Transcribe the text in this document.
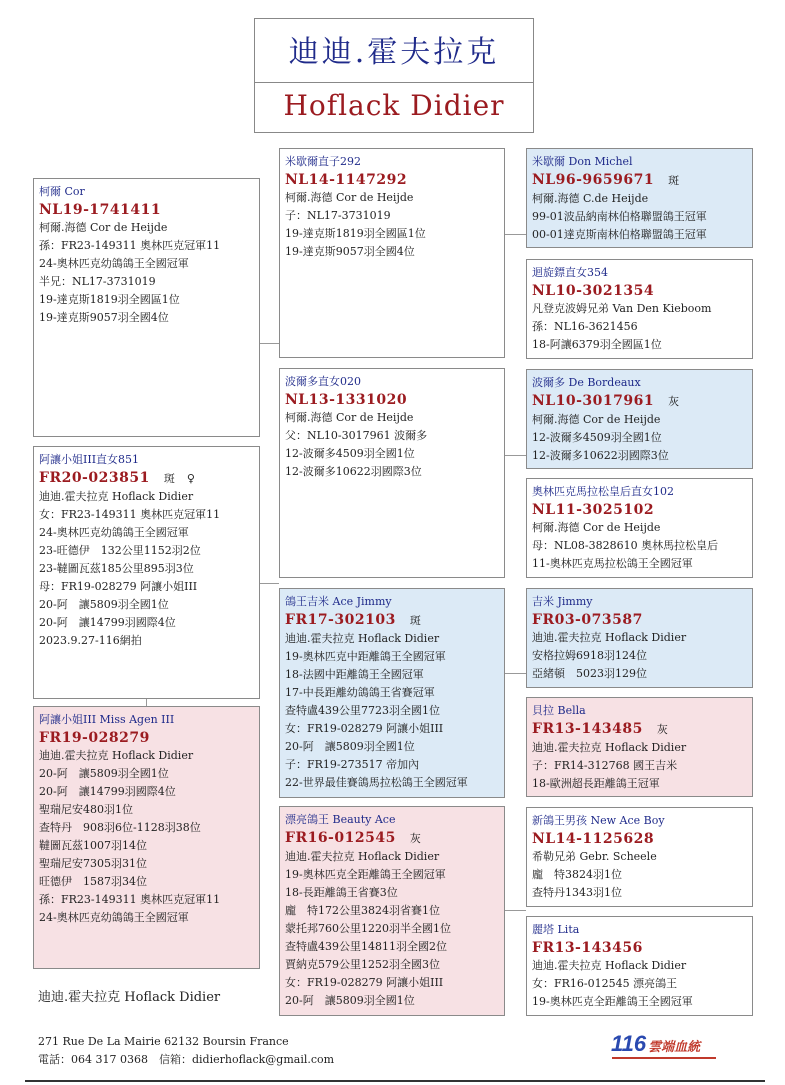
迪迪.霍夫拉克
Hoflack Didier
柯爾 Cor
NL19-1741411
柯爾.海德 Cor de Heijde
孫：FR23-149311 奧林匹克冠軍11
24-奧林匹克幼鴿鴿王全國冠軍
半兄：NL17-3731019
19-達克斯1819羽全國區1位
19-達克斯9057羽全國4位
阿讓小姐III直女851
FR20-023851 斑　♀
迪迪.霍夫拉克 Hoflack Didier
女：FR23-149311 奧林匹克冠軍11
24-奧林匹克幼鴿鴿王全國冠軍
23-旺德伊　132公里1152羽2位
23-韃圖瓦茲185公里895羽3位
母：FR19-028279 阿讓小姐III
20-阿　讓5809羽全國1位
20-阿　讓14799羽國際4位
2023.9.27-116網拍
阿讓小姐III Miss Agen III
FR19-028279
迪迪.霍夫拉克 Hoflack Didier
20-阿　讓5809羽全國1位
20-阿　讓14799羽國際4位
聖瑞尼安480羽1位
查特丹　908羽6位-1128羽38位
韃圖瓦茲1007羽14位
聖瑞尼安7305羽31位
旺德伊　1587羽34位
孫：FR23-149311 奧林匹克冠軍11
24-奧林匹克幼鴿鴿王全國冠軍
米歇爾直子292
NL14-1147292
柯爾.海德 Cor de Heijde
子：NL17-3731019
19-達克斯1819羽全國區1位
19-達克斯9057羽全國4位
波爾多直女020
NL13-1331020
柯爾.海德 Cor de Heijde
父：NL10-3017961 波爾多
12-波爾多4509羽全國1位
12-波爾多10622羽國際3位
鴿王吉米 Ace Jimmy
FR17-302103 斑
迪迪.霍夫拉克 Hoflack Didier
19-奧林匹克中距離鴿王全國冠軍
18-法國中距離鴿王全國冠軍
17-中長距離幼鴿鴿王省賽冠軍
查特盧439公里7723羽全國1位
女：FR19-028279 阿讓小姐III
20-阿　讓5809羽全國1位
子：FR19-273517 帝加內
22-世界最佳賽鴿馬拉松鴿王全國冠軍
漂亮鴿王 Beauty Ace
FR16-012545 灰
迪迪.霍夫拉克 Hoflack Didier
19-奧林匹克全距離鴿王全國冠軍
18-長距離鴿王省賽3位
龐　特172公里3824羽省賽1位
蒙托邦760公里1220羽半全國1位
查特盧439公里14811羽全國2位
賈納克579公里1252羽全國3位
女：FR19-028279 阿讓小姐III
20-阿　讓5809羽全國1位
米歇爾 Don Michel
NL96-9659671 斑
柯爾.海德 C.de Heijde
99-01波品納南林伯格聯盟鴿王冠軍
00-01達克斯南林伯格聯盟鴿王冠軍
迴旋鏢直女354
NL10-3021354
凡登克波姆兄弟 Van Den Kieboom
孫：NL16-3621456
18-阿讓6379羽全國區1位
波爾多 De Bordeaux
NL10-3017961 灰
柯爾.海德 Cor de Heijde
12-波爾多4509羽全國1位
12-波爾多10622羽國際3位
奧林匹克馬拉松皇后直女102
NL11-3025102
柯爾.海德 Cor de Heijde
母：NL08-3828610 奧林馬拉松皇后
11-奧林匹克馬拉松鴿王全國冠軍
吉米 Jimmy
FR03-073587
迪迪.霍夫拉克 Hoflack Didier
安格拉姆6918羽124位
亞緒頓　5023羽129位
貝拉 Bella
FR13-143485 灰
迪迪.霍夫拉克 Hoflack Didier
子：FR14-312768 國王吉米
18-歐洲超長距離鴿王冠軍
新鴿王男孩 New Ace Boy
NL14-1125628
希勒兄弟 Gebr. Scheele
龐　特3824羽1位
查特丹1343羽1位
麗塔 Lita
FR13-143456
迪迪.霍夫拉克 Hoflack Didier
女：FR16-012545 漂亮鴿王
19-奧林匹克全距離鴿王全國冠軍
迪迪.霍夫拉克 Hoflack Didier
271 Rue De La Mairie 62132 Boursin France
電話：064 317 0368　信箱：didierhoflack@gmail.com
116 雲端血統
